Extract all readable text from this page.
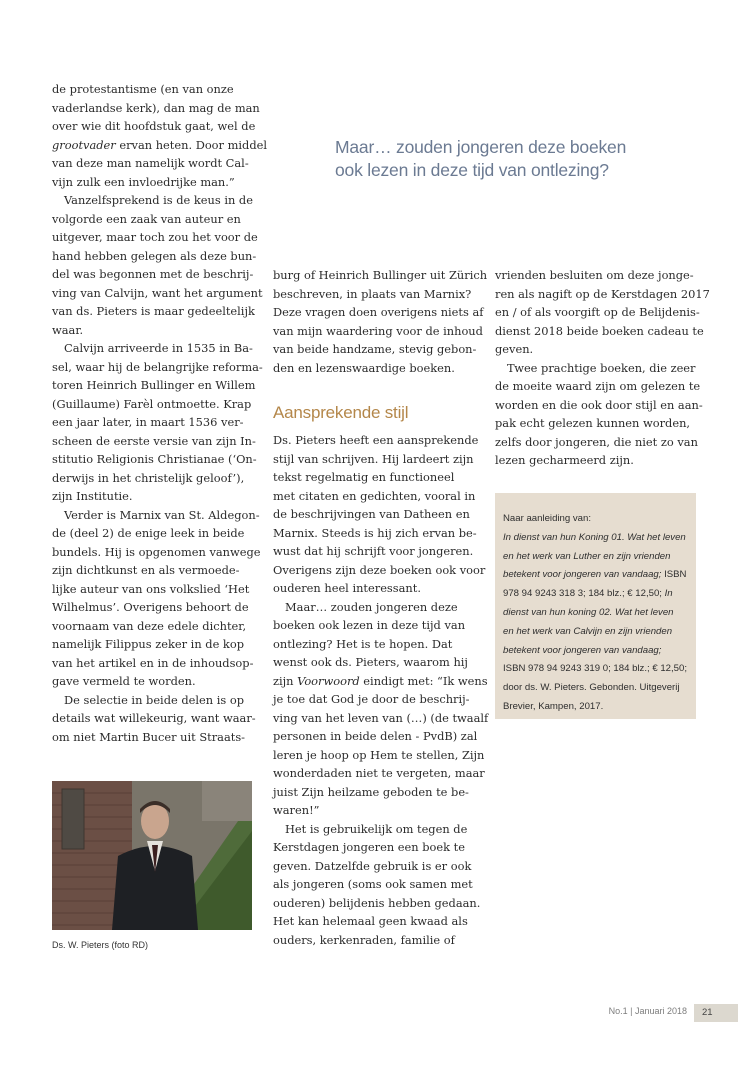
de protestantisme (en van onze

vaderlandse kerk), dan mag de man

over wie dit hoofdstuk gaat, wel de

grootvader ervan heten. Door middel

van deze man namelijk wordt Cal-

vijn zulk een invloedrijke man.”

Vanzelfsprekend is de keus in de

volgorde een zaak van auteur en

uitgever, maar toch zou het voor de

hand hebben gelegen als deze bun-

del was begonnen met de beschrij-

ving van Calvijn, want het argument

van ds. Pieters is maar gedeeltelijk

waar.

Calvijn arriveerde in 1535 in Ba-

sel, waar hij de belangrijke reforma-

toren Heinrich Bullinger en Willem

(Guillaume) Farèl ontmoette. Krap

een jaar later, in maart 1536 ver-

scheen de eerste versie van zijn In-

stitutio Religionis Christianae (‘On-

derwijs in het christelijk geloof’),

zijn Institutie.

Verder is Marnix van St. Aldegon-

de (deel 2) de enige leek in beide

bundels. Hij is opgenomen vanwege

zijn dichtkunst en als vermoede-

lijke auteur van ons volkslied ‘Het

Wilhelmus’. Overigens behoort de

voornaam van deze edele dichter,

namelijk Filippus zeker in de kop

van het artikel en in de inhoudsop-

gave vermeld te worden.

De selectie in beide delen is op

details wat willekeurig, want waar-

om niet Martin Bucer uit Straats-

Maar… zouden jongeren deze boeken
ook lezen in deze tijd van ontlezing?

burg of Heinrich Bullinger uit Zürich

beschreven, in plaats van Marnix?

Deze vragen doen overigens niets af

van mijn waardering voor de inhoud

van beide handzame, stevig gebon-

den en lezenswaardige boeken.

Ds. Pieters heeft een aansprekende

stijl van schrijven. Hij lardeert zijn

tekst regelmatig en functioneel

met citaten en gedichten, vooral in

de beschrijvingen van Datheen en

Marnix. Steeds is hij zich ervan be-

wust dat hij schrijft voor jongeren.

Overigens zijn deze boeken ook voor

ouderen heel interessant.

Maar… zouden jongeren deze

boeken ook lezen in deze tijd van

ontlezing? Het is te hopen. Dat

wenst ook ds. Pieters, waarom hij

zijn Voorwoord eindigt met: “Ik wens

je toe dat God je door de beschrij-

ving van het leven van (…) (de twaalf

personen in beide delen - PvdB) zal

leren je hoop op Hem te stellen, Zijn

wonderdaden niet te vergeten, maar

juist Zijn heilzame geboden te be-

waren!”

Het is gebruikelijk om tegen de

Kerstdagen jongeren een boek te

geven. Datzelfde gebruik is er ook

als jongeren (soms ook samen met

ouderen) belijdenis hebben gedaan.

Het kan helemaal geen kwaad als

ouders, kerkenraden, familie of

Aansprekende stijl

vrienden besluiten om deze jonge-

ren als nagift op de Kerstdagen 2017

en / of als voorgift op de Belijdenis-

dienst 2018 beide boeken cadeau te

geven.

Twee prachtige boeken, die zeer

de moeite waard zijn om gelezen te

worden en die ook door stijl en aan-

pak echt gelezen kunnen worden,

zelfs door jongeren, die niet zo van

lezen gecharmeerd zijn.

Naar aanleiding van:
In dienst van hun Koning 01. Wat het leven
en het werk van Luther en zijn vrienden
betekent voor jongeren van vandaag; ISBN
978 94 9243 318 3; 184 blz.; € 12,50; In
dienst van hun koning 02. Wat het leven
en het werk van Calvijn en zijn vrienden
betekent voor jongeren van vandaag;
ISBN 978 94 9243 319 0; 184 blz.; € 12,50;
door ds. W. Pieters. Gebonden. Uitgeverij
Brevier, Kampen, 2017.
Ds. W. Pieters (foto RD)
No.1 | Januari 2018	21
